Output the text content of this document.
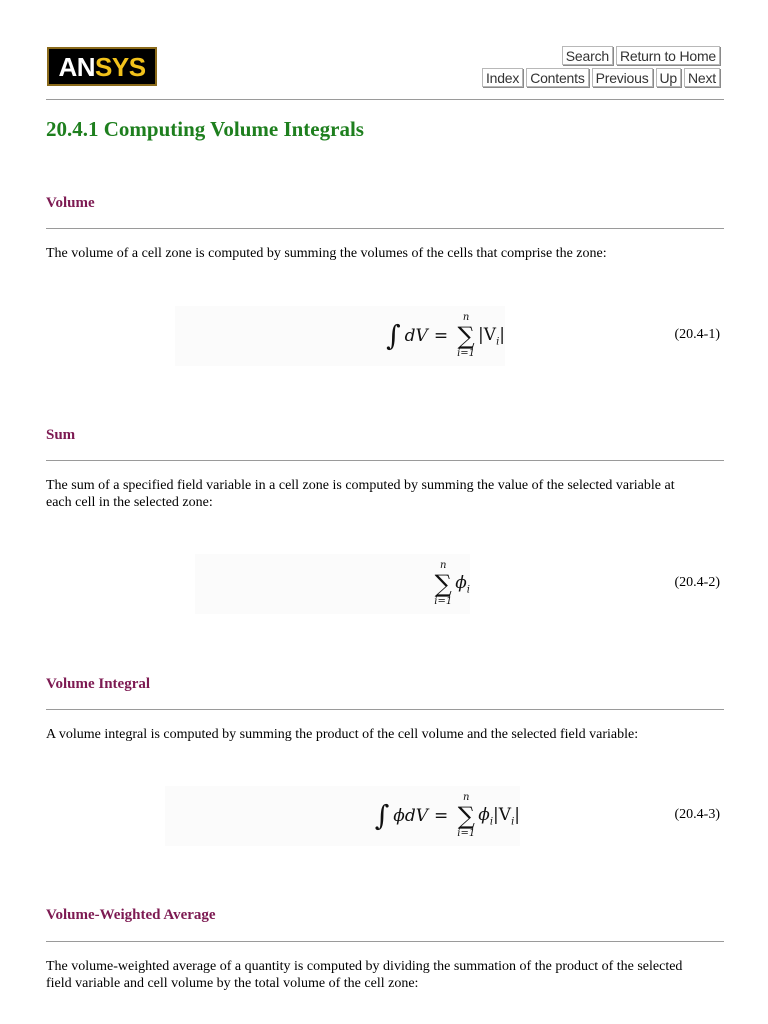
ANSYS	Search Return to Home
Index Contents Previous Up Next
20.4.1 Computing Volume Integrals
Volume

The volume of a cell zone is computed by summing the volumes of the cells that comprise the zone:

∫ dV =
n
∑
i=1
$|V_i|$	(20.4-1)
Sum

The sum of a specified field variable in a cell zone is computed by summing the value of the selected variable at each cell in the selected zone:

n
∑
i=1
$\phi_i$	(20.4-2)
Volume Integral

A volume integral is computed by summing the product of the cell volume and the selected field variable:

∫ ϕdV =
n
∑
i=1
$\phi_i|V_i|$	(20.4-3)
Volume-Weighted Average

The volume-weighted average of a quantity is computed by dividing the summation of the product of the selected field variable and cell volume by the total volume of the cell zone:
